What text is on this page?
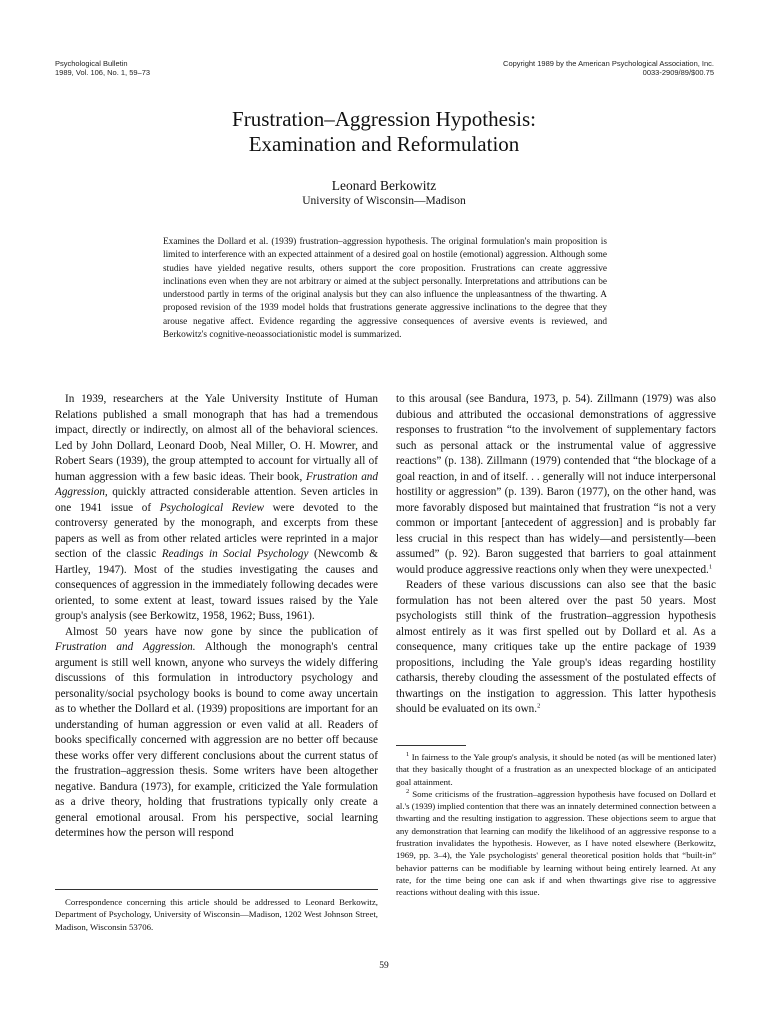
Psychological Bulletin
1989, Vol. 106, No. 1, 59–73
Copyright 1989 by the American Psychological Association, Inc.
0033-2909/89/$00.75
Frustration–Aggression Hypothesis:
Examination and Reformulation
Leonard Berkowitz
University of Wisconsin—Madison
Examines the Dollard et al. (1939) frustration–aggression hypothesis. The original formulation's main proposition is limited to interference with an expected attainment of a desired goal on hostile (emotional) aggression. Although some studies have yielded negative results, others support the core proposition. Frustrations can create aggressive inclinations even when they are not arbitrary or aimed at the subject personally. Interpretations and attributions can be understood partly in terms of the original analysis but they can also influence the unpleasantness of the thwarting. A proposed revision of the 1939 model holds that frustrations generate aggressive inclinations to the degree that they arouse negative affect. Evidence regarding the aggressive consequences of aversive events is reviewed, and Berkowitz's cognitive-neoassociationistic model is summarized.

In 1939, researchers at the Yale University Institute of Human Relations published a small monograph that has had a tremendous impact, directly or indirectly, on almost all of the behavioral sciences. Led by John Dollard, Leonard Doob, Neal Miller, O. H. Mowrer, and Robert Sears (1939), the group attempted to account for virtually all of human aggression with a few basic ideas. Their book, Frustration and Aggression, quickly attracted considerable attention. Seven articles in one 1941 issue of Psychological Review were devoted to the controversy generated by the monograph, and excerpts from these papers as well as from other related articles were reprinted in a major section of the classic Readings in Social Psychology (Newcomb & Hartley, 1947). Most of the studies investigating the causes and consequences of aggression in the immediately following decades were oriented, to some extent at least, toward issues raised by the Yale group's analysis (see Berkowitz, 1958, 1962; Buss, 1961).

Almost 50 years have now gone by since the publication of Frustration and Aggression. Although the monograph's central argument is still well known, anyone who surveys the widely differing discussions of this formulation in introductory psychology and personality/social psychology books is bound to come away uncertain as to whether the Dollard et al. (1939) propositions are important for an understanding of human aggression or even valid at all. Readers of books specifically concerned with aggression are no better off because these works offer very different conclusions about the current status of the frustration–aggression thesis. Some writers have been altogether negative. Bandura (1973), for example, criticized the Yale formulation as a drive theory, holding that frustrations typically only create a general emotional arousal. From his perspective, social learning determines how the person will respond

to this arousal (see Bandura, 1973, p. 54). Zillmann (1979) was also dubious and attributed the occasional demonstrations of aggressive responses to frustration “to the involvement of supplementary factors such as personal attack or the instrumental value of aggressive reactions” (p. 138). Zillmann (1979) contended that “the blockage of a goal reaction, in and of itself. . . generally will not induce interpersonal hostility or aggression” (p. 139). Baron (1977), on the other hand, was more favorably disposed but maintained that frustration “is not a very common or important [antecedent of aggression] and is probably far less crucial in this respect than has widely—and persistently—been assumed” (p. 92). Baron suggested that barriers to goal attainment would produce aggressive reactions only when they were unexpected.$^1$

Readers of these various discussions can also see that the basic formulation has not been altered over the past 50 years. Most psychologists still think of the frustration–aggression hypothesis almost entirely as it was first spelled out by Dollard et al. As a consequence, many critiques take up the entire package of 1939 propositions, including the Yale group's ideas regarding hostility catharsis, thereby clouding the assessment of the postulated effects of thwartings on the instigation to aggression. This latter hypothesis should be evaluated on its own.$^2$

$^1$ In fairness to the Yale group's analysis, it should be noted (as will be mentioned later) that they basically thought of a frustration as an unexpected blockage of an anticipated goal attainment.

$^2$ Some criticisms of the frustration–aggression hypothesis have focused on Dollard et al.'s (1939) implied contention that there was an innately determined connection between a thwarting and the resulting instigation to aggression. These objections seem to argue that any demonstration that learning can modify the likelihood of an aggressive response to a frustration invalidates the hypothesis. However, as I have noted elsewhere (Berkowitz, 1969, pp. 3–4), the Yale psychologists' general theoretical position holds that “built-in” behavior patterns can be modifiable by learning without being entirely learned. At any rate, for the time being one can ask if and when thwartings give rise to aggressive reactions without dealing with this issue.

Correspondence concerning this article should be addressed to Leonard Berkowitz, Department of Psychology, University of Wisconsin—Madison, 1202 West Johnson Street, Madison, Wisconsin 53706.

59
